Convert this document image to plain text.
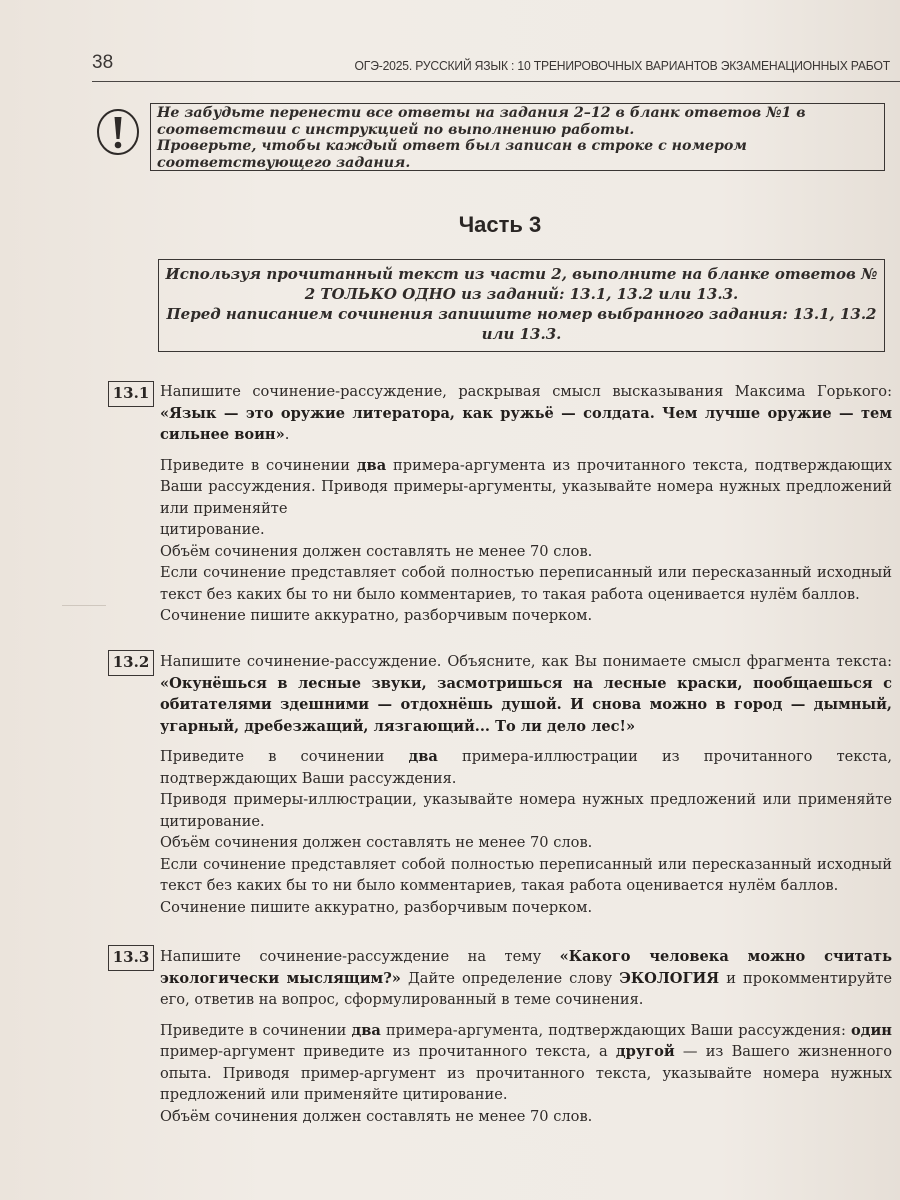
38	ОГЭ-2025. РУССКИЙ ЯЗЫК : 10 ТРЕНИРОВОЧНЫХ ВАРИАНТОВ ЭКЗАМЕНАЦИОННЫХ РАБОТ
Не забудьте перенести все ответы на задания 2–12 в бланк ответов №1 в соответствии с инструкцией по выполнению работы.
Проверьте, чтобы каждый ответ был записан в строке с номером соответствующего задания.
Часть 3
Используя прочитанный текст из части 2, выполните на бланке ответов № 2 ТОЛЬКО ОДНО из заданий: 13.1, 13.2 или 13.3.
Перед написанием сочинения запишите номер выбранного задания: 13.1, 13.2 или 13.3.
13.1 Напишите сочинение-рассуждение, раскрывая смысл высказывания Максима Горького: «Язык — это оружие литератора, как ружьё — солдата. Чем лучше оружие — тем сильнее воин».

Приведите в сочинении два примера-аргумента из прочитанного текста, подтверждающих Ваши рассуждения. Приводя примеры-аргументы, указывайте номера нужных предложений или применяйте
цитирование.

Объём сочинения должен составлять не менее 70 слов.

Если сочинение представляет собой полностью переписанный или пересказанный исходный текст без каких бы то ни было комментариев, то такая работа оценивается нулём баллов.

Сочинение пишите аккуратно, разборчивым почерком.

13.2 Напишите сочинение-рассуждение. Объясните, как Вы понимаете смысл фрагмента текста: «Окунёшься в лесные звуки, засмотришься на лесные краски, пообщаешься с обитателями здешними — отдохнёшь душой. И снова можно в город — дымный, угарный, дребезжащий, лязгающий... То ли дело лес!»

Приведите в сочинении два примера-иллюстрации из прочитанного текста, подтверждающих Ваши рассуждения.

Приводя примеры-иллюстрации, указывайте номера нужных предложений или применяйте цитирование.

Объём сочинения должен составлять не менее 70 слов.

Если сочинение представляет собой полностью переписанный или пересказанный исходный текст без каких бы то ни было комментариев, такая работа оценивается нулём баллов.

Сочинение пишите аккуратно, разборчивым почерком.

13.3 Напишите сочинение-рассуждение на тему «Какого человека можно считать экологически мыслящим?» Дайте определение слову ЭКОЛОГИЯ и прокомментируйте его, ответив на вопрос, сформулированный в теме сочинения.

Приведите в сочинении два примера-аргумента, подтверждающих Ваши рассуждения: один пример-аргумент приведите из прочитанного текста, а другой — из Вашего жизненного опыта. Приводя пример-аргумент из прочитанного текста, указывайте номера нужных предложений или применяйте цитирование.

Объём сочинения должен составлять не менее 70 слов.
